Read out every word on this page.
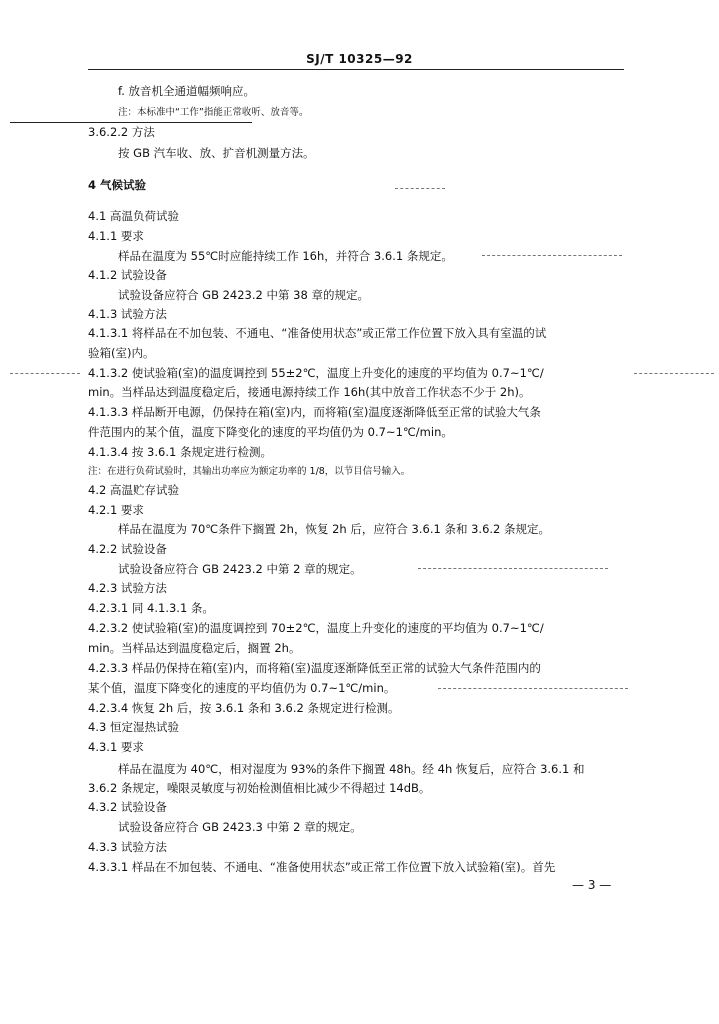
SJ/T 10325—92
f. 放音机全通道幅频响应。
注：本标准中“工作”指能正常收听、放音等。
3.6.2.2 方法
按 GB 汽车收、放、扩音机测量方法。
4 气候试验
4.1 高温负荷试验
4.1.1 要求
样品在温度为 55℃时应能持续工作 16h，并符合 3.6.1 条规定。
4.1.2 试验设备
试验设备应符合 GB 2423.2 中第 38 章的规定。
4.1.3 试验方法
4.1.3.1 将样品在不加包装、不通电、“准备使用状态”或正常工作位置下放入具有室温的试
验箱(室)内。
4.1.3.2 使试验箱(室)的温度调控到 55±2℃，温度上升变化的速度的平均值为 0.7~1℃/
min。当样品达到温度稳定后，接通电源持续工作 16h(其中放音工作状态不少于 2h)。
4.1.3.3 样品断开电源，仍保持在箱(室)内，而将箱(室)温度逐渐降低至正常的试验大气条
件范围内的某个值，温度下降变化的速度的平均值仍为 0.7~1℃/min。
4.1.3.4 按 3.6.1 条规定进行检测。
注：在进行负荷试验时，其输出功率应为额定功率的 1/8，以节目信号输入。
4.2 高温贮存试验
4.2.1 要求
样品在温度为 70℃条件下搁置 2h，恢复 2h 后，应符合 3.6.1 条和 3.6.2 条规定。
4.2.2 试验设备
试验设备应符合 GB 2423.2 中第 2 章的规定。
4.2.3 试验方法
4.2.3.1 同 4.1.3.1 条。
4.2.3.2 使试验箱(室)的温度调控到 70±2℃，温度上升变化的速度的平均值为 0.7~1℃/
min。当样品达到温度稳定后，搁置 2h。
4.2.3.3 样品仍保持在箱(室)内，而将箱(室)温度逐渐降低至正常的试验大气条件范围内的
某个值，温度下降变化的速度的平均值仍为 0.7~1℃/min。
4.2.3.4 恢复 2h 后，按 3.6.1 条和 3.6.2 条规定进行检测。
4.3 恒定湿热试验
4.3.1 要求
样品在温度为 40℃，相对湿度为 93%的条件下搁置 48h。经 4h 恢复后，应符合 3.6.1 和
3.6.2 条规定，噪限灵敏度与初始检测值相比减少不得超过 14dB。
4.3.2 试验设备
试验设备应符合 GB 2423.3 中第 2 章的规定。
4.3.3 试验方法
4.3.3.1 样品在不加包装、不通电、“准备使用状态”或正常工作位置下放入试验箱(室)。首先
— 3 —
